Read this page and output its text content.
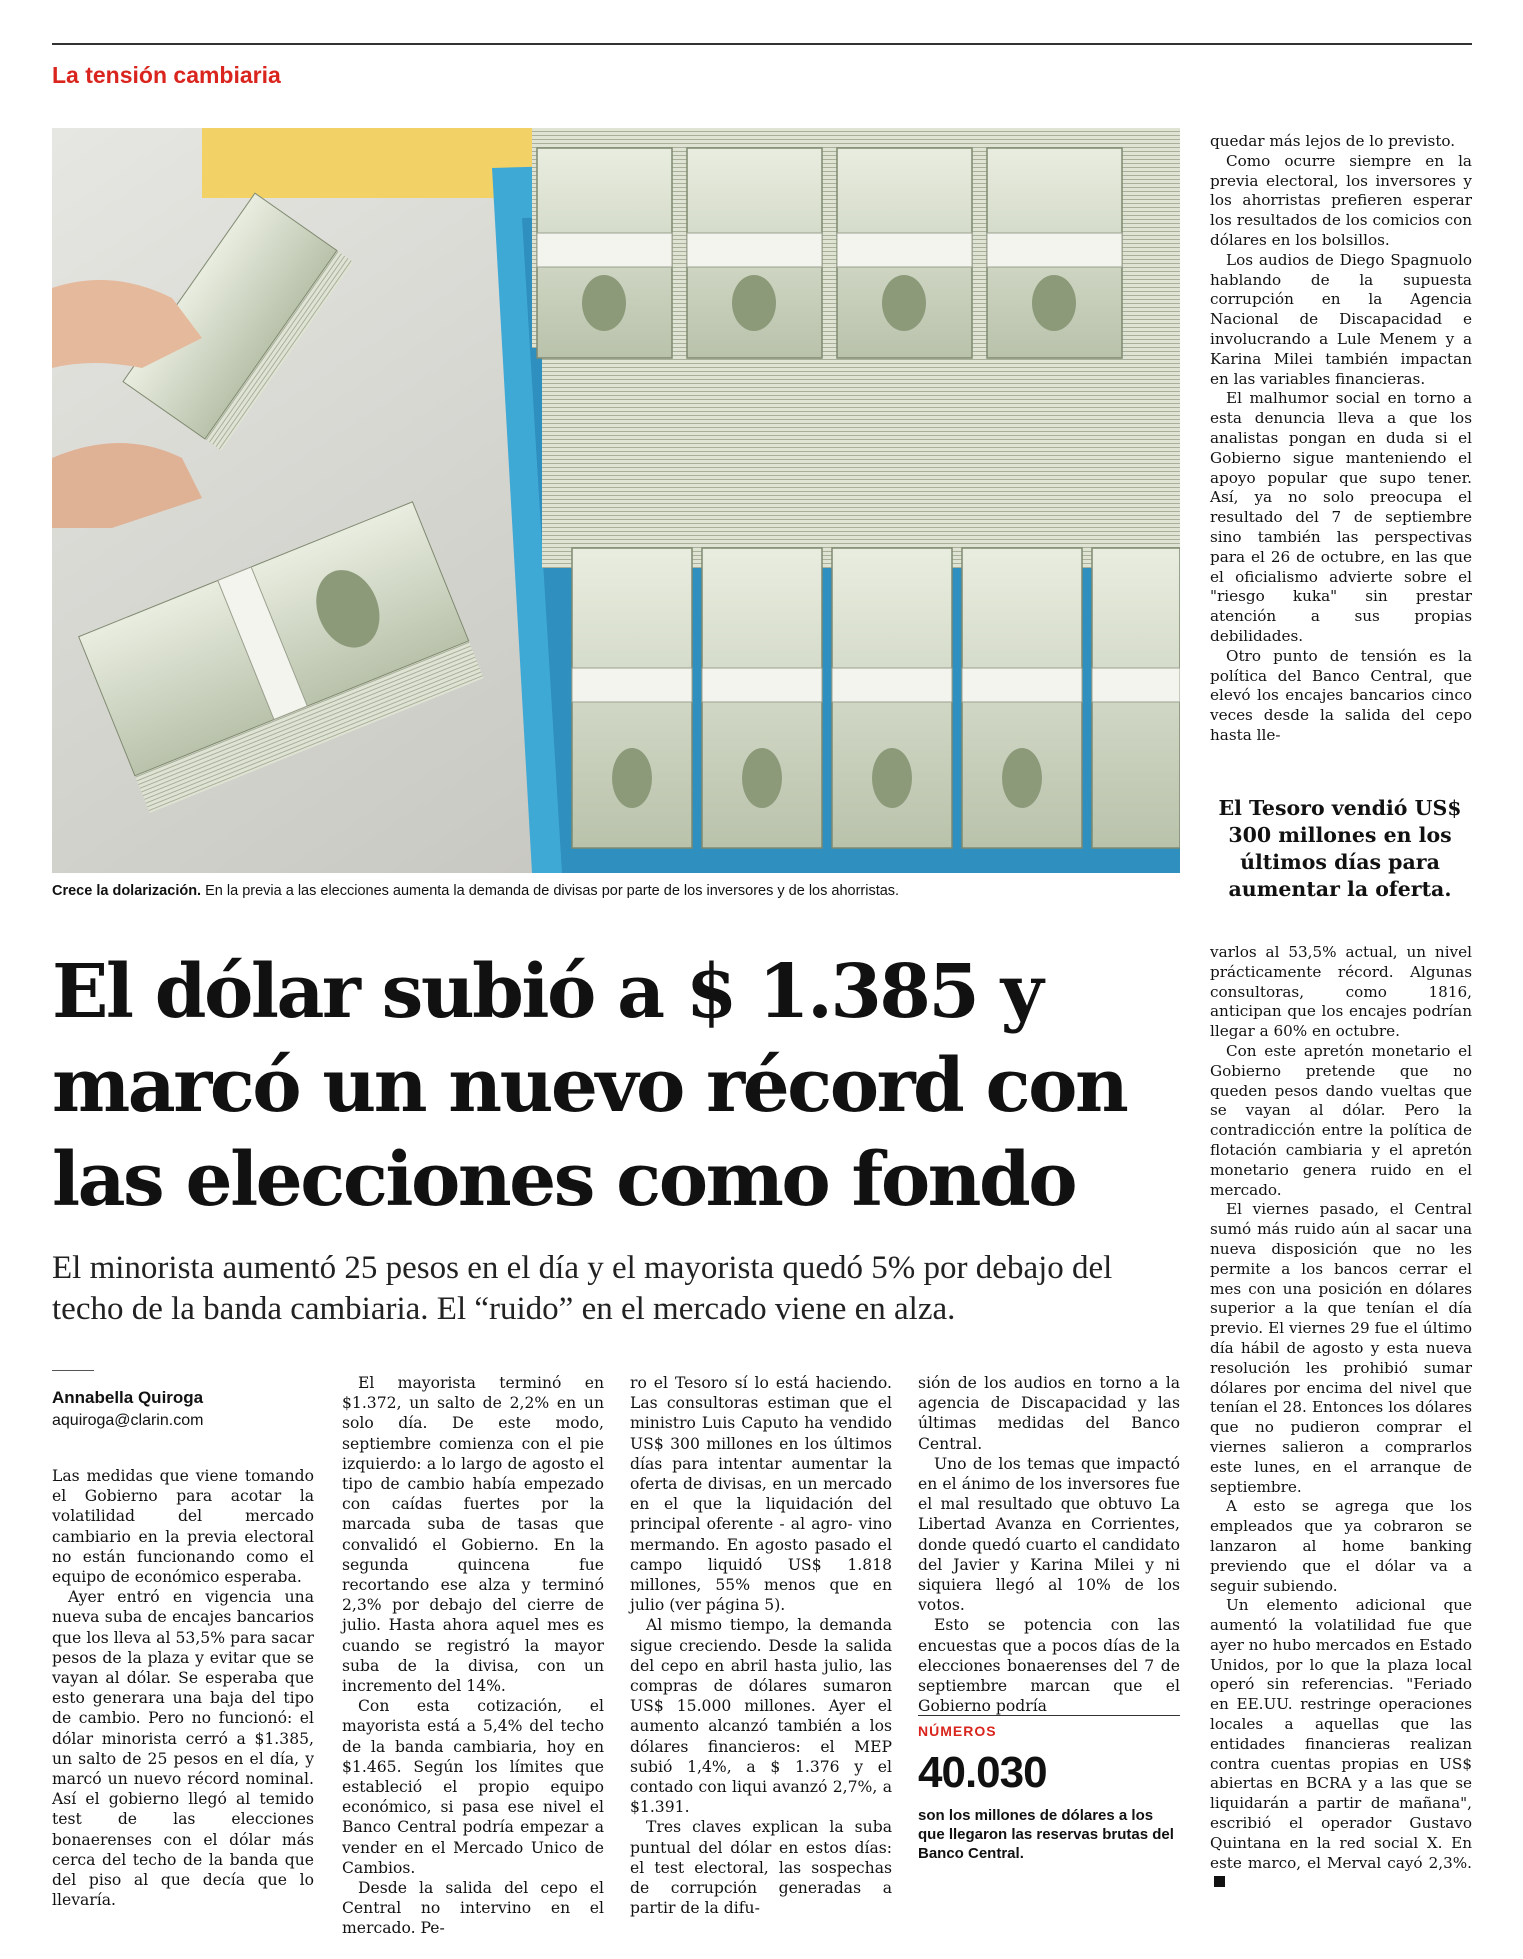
La tensión cambiaria
Crece la dolarización. En la previa a las elecciones aumenta la demanda de divisas por parte de los inversores y de los ahorristas.
El dólar subió a $ 1.385 y
marcó un nuevo récord con
las elecciones como fondo
El minorista aumentó 25 pesos en el día y el mayorista quedó 5% por debajo del techo de la banda cambiaria. El “ruido” en el mercado viene en alza.
Annabella Quiroga
aquiroga@clarin.com

Las medidas que viene tomando el Gobierno para acotar la volatilidad del mercado cambiario en la previa electoral no están funcionando como el equipo de económico esperaba.

Ayer entró en vigencia una nueva suba de encajes bancarios que los lleva al 53,5% para sacar pesos de la plaza y evitar que se vayan al dólar. Se esperaba que esto generara una baja del tipo de cambio. Pero no funcionó: el dólar minorista cerró a $1.385, un salto de 25 pesos en el día, y marcó un nuevo récord nominal. Así el gobierno llegó al temido test de las elecciones bonaerenses con el dólar más cerca del techo de la banda que del piso al que decía que lo llevaría.

El mayorista terminó en $1.372, un salto de 2,2% en un solo día. De este modo, septiembre comienza con el pie izquierdo: a lo largo de agosto el tipo de cambio había empezado con caídas fuertes por la marcada suba de tasas que convalidó el Gobierno. En la segunda quincena fue recortando ese alza y terminó 2,3% por debajo del cierre de julio. Hasta ahora aquel mes es cuando se registró la mayor suba de la divisa, con un incremento del 14%.

Con esta cotización, el mayorista está a 5,4% del techo de la banda cambiaria, hoy en $1.465. Según los límites que estableció el propio equipo económico, si pasa ese nivel el Banco Central podría empezar a vender en el Mercado Unico de Cambios.

Desde la salida del cepo el Central no intervino en el mercado. Pe-

ro el Tesoro sí lo está haciendo. Las consultoras estiman que el ministro Luis Caputo ha vendido US$ 300 millones en los últimos días para intentar aumentar la oferta de divisas, en un mercado en el que la liquidación del principal oferente - al agro- vino mermando. En agosto pasado el campo liquidó US$ 1.818 millones, 55% menos que en julio (ver página 5).

Al mismo tiempo, la demanda sigue creciendo. Desde la salida del cepo en abril hasta julio, las compras de dólares sumaron US$ 15.000 millones. Ayer el aumento alcanzó también a los dólares financieros: el MEP subió 1,4%, a $ 1.376 y el contado con liqui avanzó 2,7%, a $1.391.

Tres claves explican la suba puntual del dólar en estos días: el test electoral, las sospechas de corrupción generadas a partir de la difu-

sión de los audios en torno a la agencia de Discapacidad y las últimas medidas del Banco Central.

Uno de los temas que impactó en el ánimo de los inversores fue el mal resultado que obtuvo La Libertad Avanza en Corrientes, donde quedó cuarto el candidato del Javier y Karina Milei y ni siquiera llegó al 10% de los votos.

Esto se potencia con las encuestas que a pocos días de la elecciones bonaerenses del 7 de septiembre marcan que el Gobierno podría

NÚMEROS
40.030
son los millones de dólares a los que llegaron las reservas brutas del Banco Central.

quedar más lejos de lo previsto.

Como ocurre siempre en la previa electoral, los inversores y los ahorristas prefieren esperar los resultados de los comicios con dólares en los bolsillos.

Los audios de Diego Spagnuolo hablando de la supuesta corrupción en la Agencia Nacional de Discapacidad e involucrando a Lule Menem y a Karina Milei también impactan en las variables financieras.

El malhumor social en torno a esta denuncia lleva a que los analistas pongan en duda si el Gobierno sigue manteniendo el apoyo popular que supo tener. Así, ya no solo preocupa el resultado del 7 de septiembre sino también las perspectivas para el 26 de octubre, en las que el oficialismo advierte sobre el "riesgo kuka" sin prestar atención a sus propias debilidades.

Otro punto de tensión es la política del Banco Central, que elevó los encajes bancarios cinco veces desde la salida del cepo hasta lle-

El Tesoro vendió US$ 300 millones en los últimos días para aumentar la oferta.

varlos al 53,5% actual, un nivel prácticamente récord. Algunas consultoras, como 1816, anticipan que los encajes podrían llegar a 60% en octubre.

Con este apretón monetario el Gobierno pretende que no queden pesos dando vueltas que se vayan al dólar. Pero la contradicción entre la política de flotación cambiaria y el apretón monetario genera ruido en el mercado.

El viernes pasado, el Central sumó más ruido aún al sacar una nueva disposición que no les permite a los bancos cerrar el mes con una posición en dólares superior a la que tenían el día previo. El viernes 29 fue el último día hábil de agosto y esta nueva resolución les prohibió sumar dólares por encima del nivel que tenían el 28. Entonces los dólares que no pudieron comprar el viernes salieron a comprarlos este lunes, en el arranque de septiembre.

A esto se agrega que los empleados que ya cobraron se lanzaron al home banking previendo que el dólar va a seguir subiendo.

Un elemento adicional que aumentó la volatilidad fue que ayer no hubo mercados en Estado Unidos, por lo que la plaza local operó sin referencias. "Feriado en EE.UU. restringe operaciones locales a aquellas que las entidades financieras realizan contra cuentas propias en US$ abiertas en BCRA y a las que se liquidarán a partir de mañana", escribió el operador Gustavo Quintana en la red social X. En este marco, el Merval cayó 2,3%.
